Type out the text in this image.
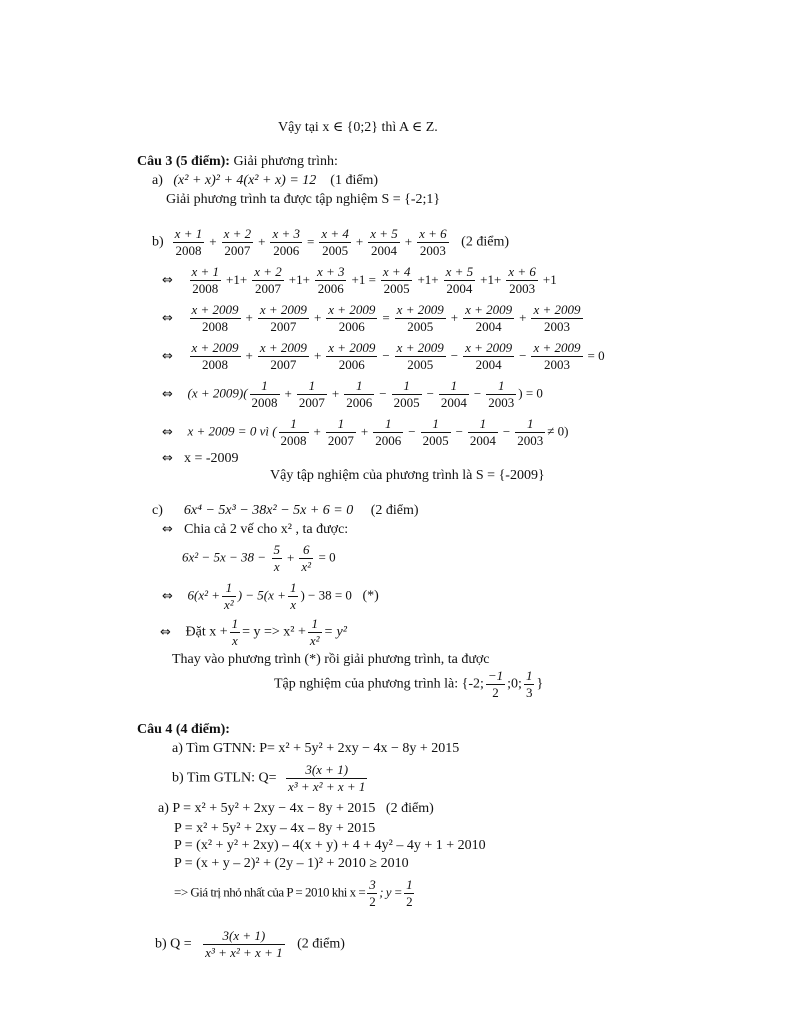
Vậy tại x ∈ {0;2} thì A ∈ Z.
Câu 3 (5 điểm): Giải phương trình:
a) (x² + x)² + 4(x² + x) = 12 (1 điểm)
Giải phương trình ta được tập nghiệm S = {-2;1}
$b) \frac{x + 1}{2008} + \frac{x + 2}{2007} + \frac{x + 3}{2006} = \frac{x + 4}{2005} + \frac{x + 5}{2004} + \frac{x + 6}{2003} (2$ điểm)
⇔ $\frac{x + 1}{2008} +1+ \frac{x + 2}{2007} +1+ \frac{x + 3}{2006} +1 = \frac{x + 4}{2005} +1+ \frac{x + 5}{2004} +1+ \frac{x + 6}{2003} +1$
⇔ $\frac{x + 2009}{2008} + \frac{x + 2009}{2007} + \frac{x + 2009}{2006} = \frac{x + 2009}{2005} + \frac{x + 2009}{2004} + \frac{x + 2009}{2003}$
⇔ $\frac{x + 2009}{2008} + \frac{x + 2009}{2007} + \frac{x + 2009}{2006} - \frac{x + 2009}{2005} - \frac{x + 2009}{2004} - \frac{x + 2009}{2003} = 0$
⇔ $(x + 2009)( \frac{1}{2008} + \frac{1}{2007} + \frac{1}{2006} - \frac{1}{2005} - \frac{1}{2004} - \frac{1}{2003}$ ) = 0
⇔ x + 2009 = 0 vì ( $\frac{1}{2008} + \frac{1}{2007} + \frac{1}{2006} - \frac{1}{2005} - \frac{1}{2004} - \frac{1}{2003} \ne 0$)
⇔ x = -2009
Vậy tập nghiệm của phương trình là S = {-2009}
c) 6x⁴ − 5x³ − 38x² − 5x + 6 = 0 (2 điểm)
⇔ Chia cả 2 vế cho x² , ta được:
$6x^2 - 5x - 38 - \frac{5}{x} + \frac{6}{\text{x²}} = 0$
⇔ $6(x^2 + \frac{1}{\text{x²}}$ ) − $5(x + \frac{1}{x}$ ) − 38 = 0 (*)
⇔ Đặt $x + \frac{1}{x} = y => x^2 + \frac{1}{\text{x²}} = y^2$
Thay vào phương trình (*) rồi giải phương trình, ta được
Tập nghiệm của phương trình là: {-2; $\frac{-1}{2}$ ;0; $\frac{1}{3}$ }
Câu 4 (4 điểm):
a) Tìm GTNN: P= x² + 5y² + 2xy − 4x − 8y + 2015
b) Tìm GTLN: $Q= \frac{3(x + 1)}{\text{x³ + x² + x + 1}}$
a) P = x² + 5y² + 2xy − 4x − 8y + 2015 (2 điểm)
P = x² + 5y² + 2xy – 4x – 8y + 2015
P = (x² + y² + 2xy) – 4(x + y) + 4 + 4y² – 4y + 1 + 2010
P = (x + y – 2)² + (2y – 1)² + 2010 ≥ 2010
=> Giá trị nhỏ nhất của P = 2010 khi $x = \frac{3}{2}$ ; $y = \frac{1}{2}$
b) $Q = \frac{3(x + 1)}{\text{x³ + x² + x + 1}} (2$ điểm)
